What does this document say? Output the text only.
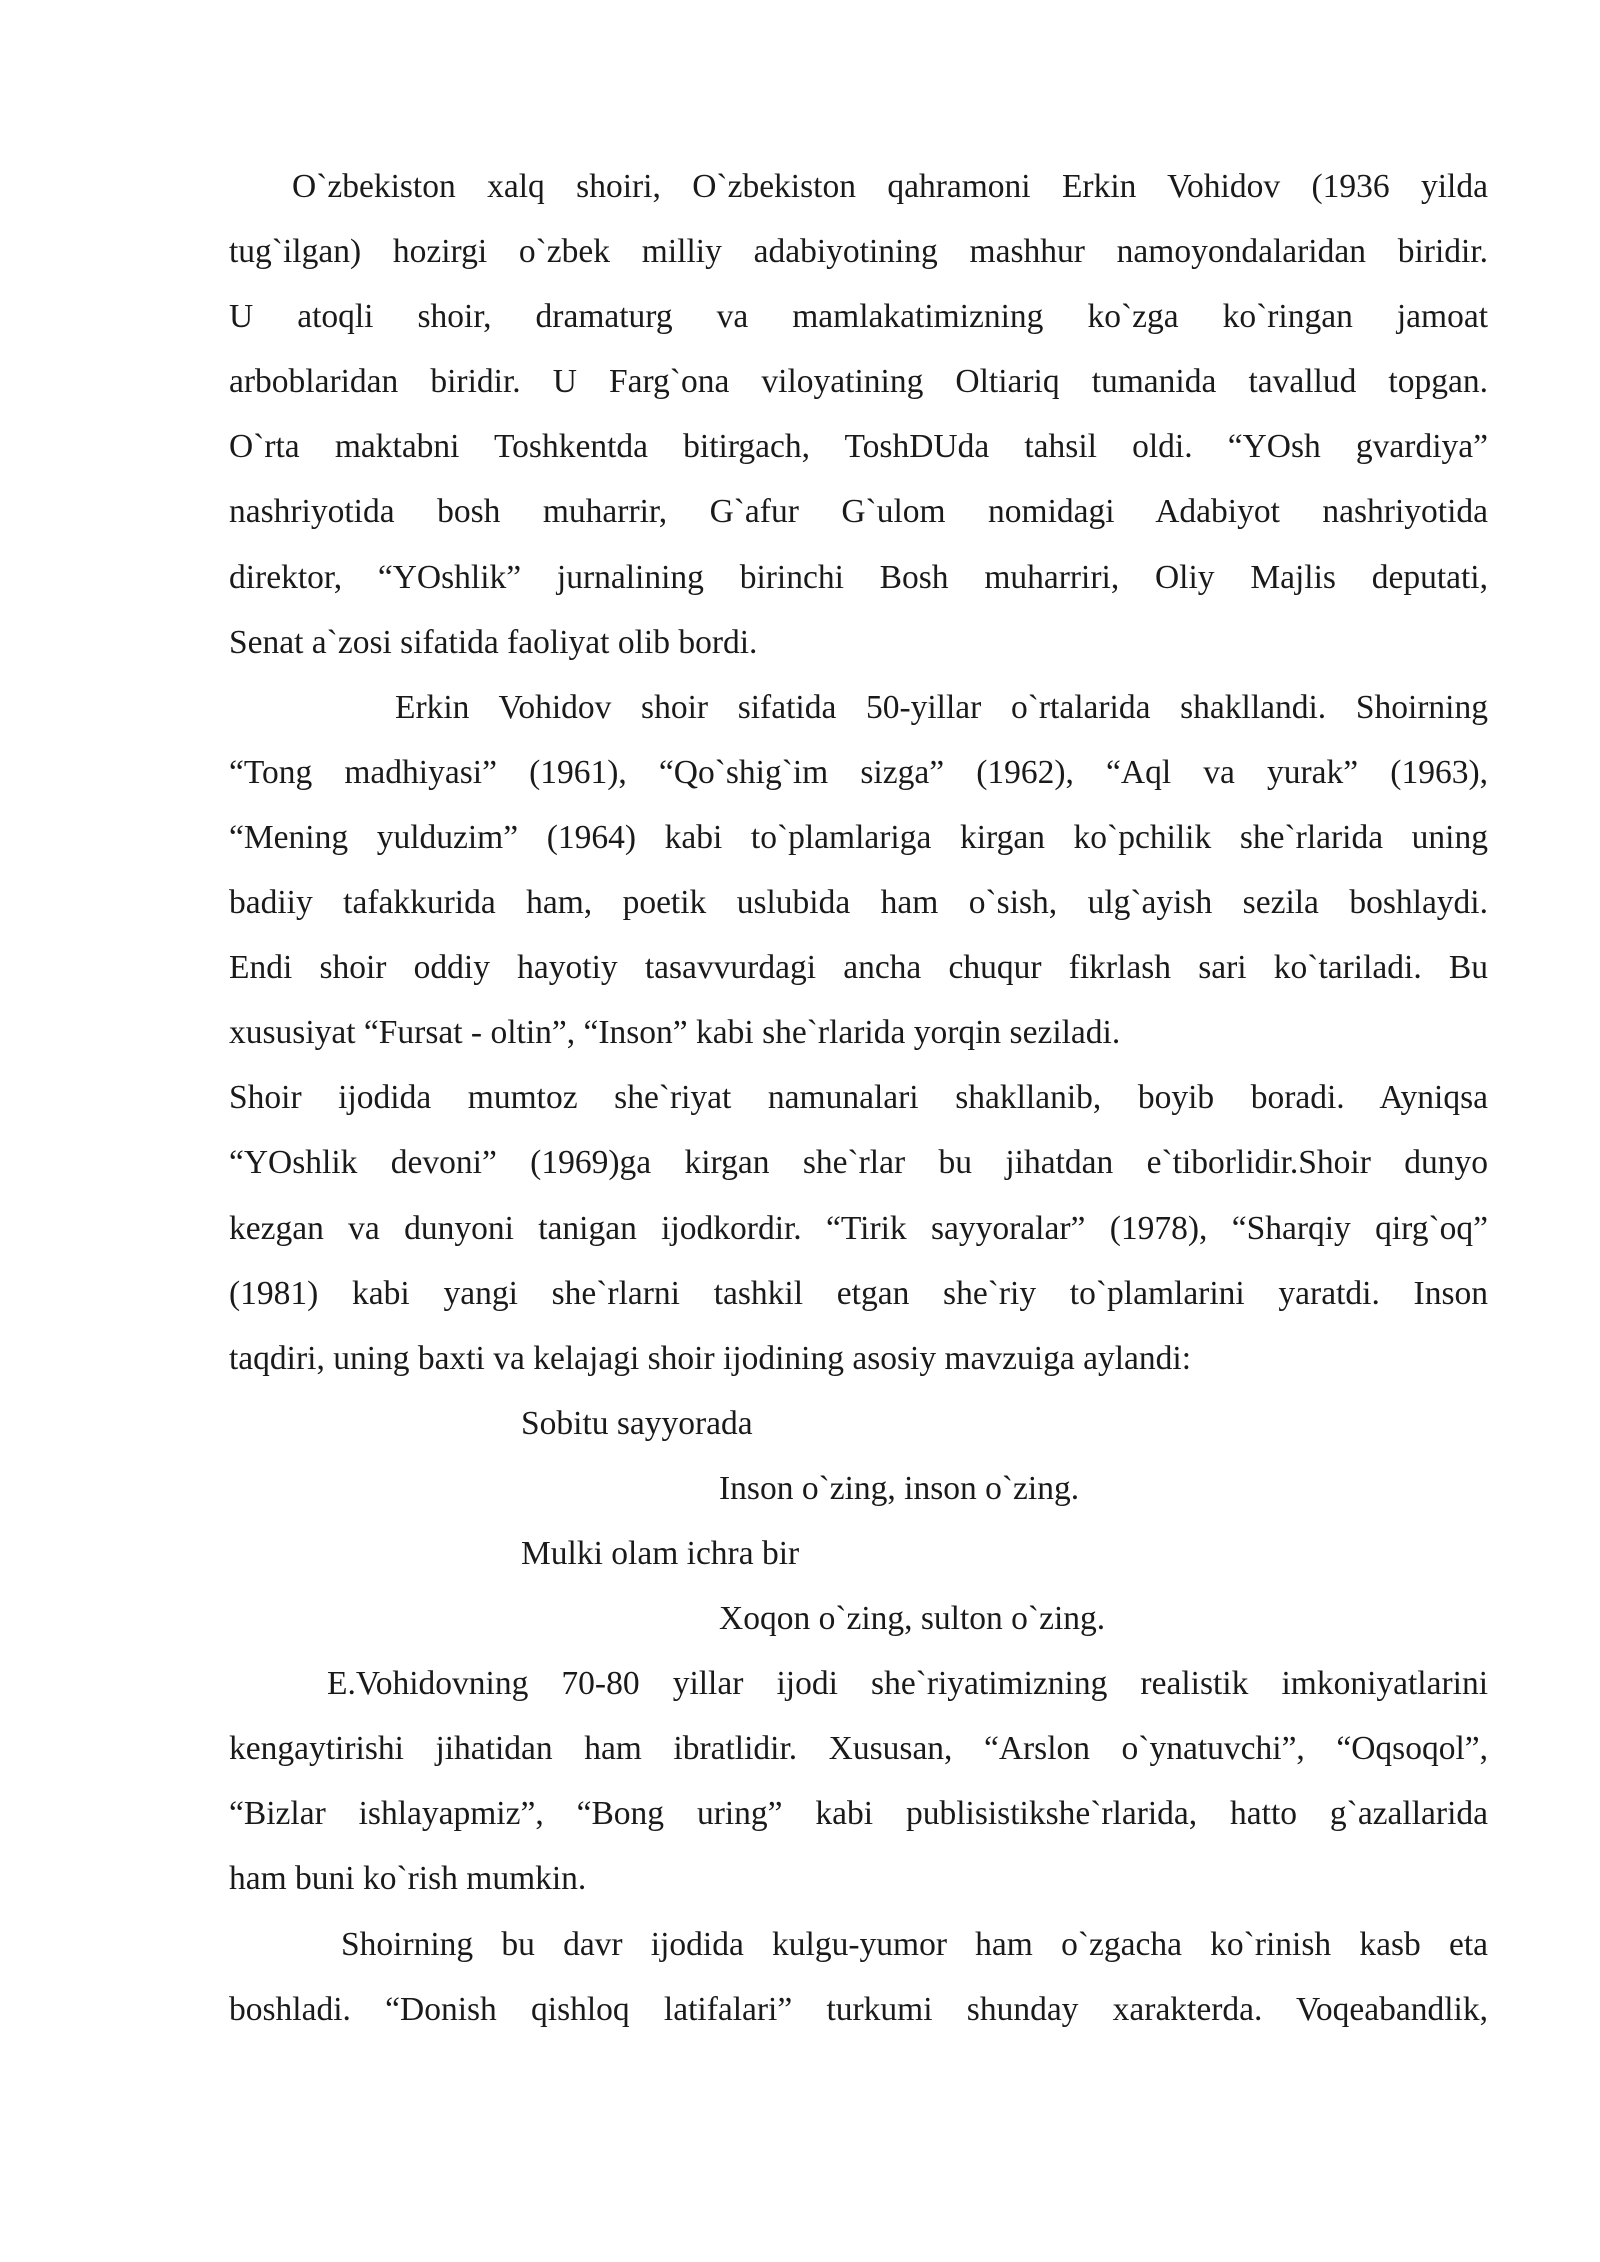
O`zbekiston xalq shoiri, O`zbekiston qahramoni Erkin Vohidov (1936 yilda
tug`ilgan) hozirgi o`zbek milliy adabiyotining mashhur namoyondalaridan biridir.
U atoqli shoir, dramaturg va mamlakatimizning ko`zga ko`ringan jamoat
arboblaridan biridir. U Farg`ona viloyatining Oltiariq tumanida tavallud topgan.
O`rta maktabni Toshkentda bitirgach, ToshDUda tahsil oldi. “YOsh gvardiya”
nashriyotida bosh muharrir, G`afur G`ulom nomidagi Adabiyot nashriyotida
direktor, “YOshlik” jurnalining birinchi Bosh muharriri, Oliy Majlis deputati,
Senat a`zosi sifatida faoliyat olib bordi.
Erkin Vohidov shoir sifatida 50-yillar o`rtalarida shakllandi. Shoirning
“Tong madhiyasi” (1961), “Qo`shig`im sizga” (1962), “Aql va yurak” (1963),
“Mening yulduzim” (1964) kabi to`plamlariga kirgan ko`pchilik she`rlarida uning
badiiy tafakkurida ham, poetik uslubida ham o`sish, ulg`ayish sezila boshlaydi.
Endi shoir oddiy hayotiy tasavvurdagi ancha chuqur fikrlash sari ko`tariladi. Bu
xususiyat “Fursat - oltin”, “Inson” kabi she`rlarida yorqin seziladi.
Shoir ijodida mumtoz she`riyat namunalari shakllanib, boyib boradi. Ayniqsa
“YOshlik devoni” (1969)ga kirgan she`rlar bu jihatdan e`tiborlidir.Shoir dunyo
kezgan va dunyoni tanigan ijodkordir. “Tirik sayyoralar” (1978), “Sharqiy qirg`oq”
(1981) kabi yangi she`rlarni tashkil etgan she`riy to`plamlarini yaratdi. Inson
taqdiri, uning baxti va kelajagi shoir ijodining asosiy mavzuiga aylandi:
Sobitu sayyorada
Inson o`zing, inson o`zing.
Mulki olam ichra bir
Xoqon o`zing, sulton o`zing.
E.Vohidovning 70-80 yillar ijodi she`riyatimizning realistik imkoniyatlarini
kengaytirishi jihatidan ham ibratlidir. Xususan, “Arslon o`ynatuvchi”, “Oqsoqol”,
“Bizlar ishlayapmiz”, “Bong uring” kabi publisistikshe`rlarida, hatto g`azallarida
ham buni ko`rish mumkin.
Shoirning bu davr ijodida kulgu-yumor ham o`zgacha ko`rinish kasb eta
boshladi. “Donish qishloq latifalari” turkumi shunday xarakterda. Voqeabandlik,
